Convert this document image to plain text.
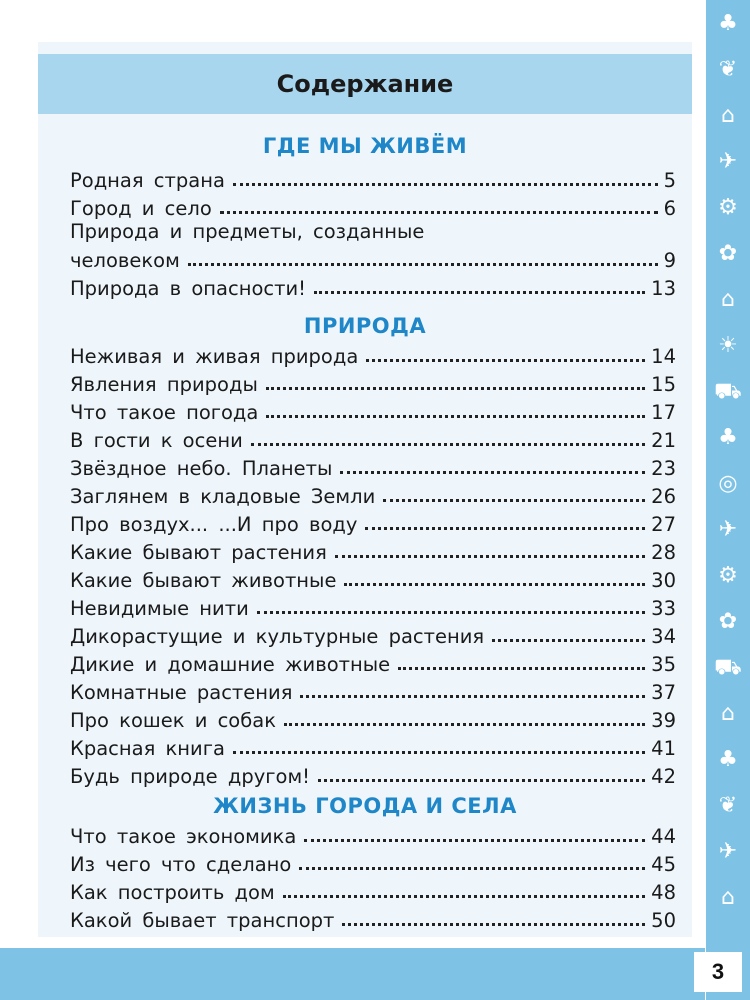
♣
❦
⌂
✈
⚙
✿
⌂
☀
⛟
♣
◎
✈
⚙
✿
⛟
⌂
♣
❦
✈
⌂
Содержание
ГДЕ МЫ ЖИВЁМ
Родная страна	5
Город и село	6
Природа и предметы, созданные
человеком	9
Природа в опасности!	13
ПРИРОДА
Неживая и живая природа	14
Явления природы	15
Что такое погода	17
В гости к осени	21
Звёздное небо. Планеты	23
Заглянем в кладовые Земли	26
Про воздух... ...И про воду	27
Какие бывают растения	28
Какие бывают животные	30
Невидимые нити	33
Дикорастущие и культурные растения	34
Дикие и домашние животные	35
Комнатные растения	37
Про кошек и собак	39
Красная книга	41
Будь природе другом!	42
ЖИЗНЬ ГОРОДА И СЕЛА
Что такое экономика	44
Из чего что сделано	45
Как построить дом	48
Какой бывает транспорт	50
3
